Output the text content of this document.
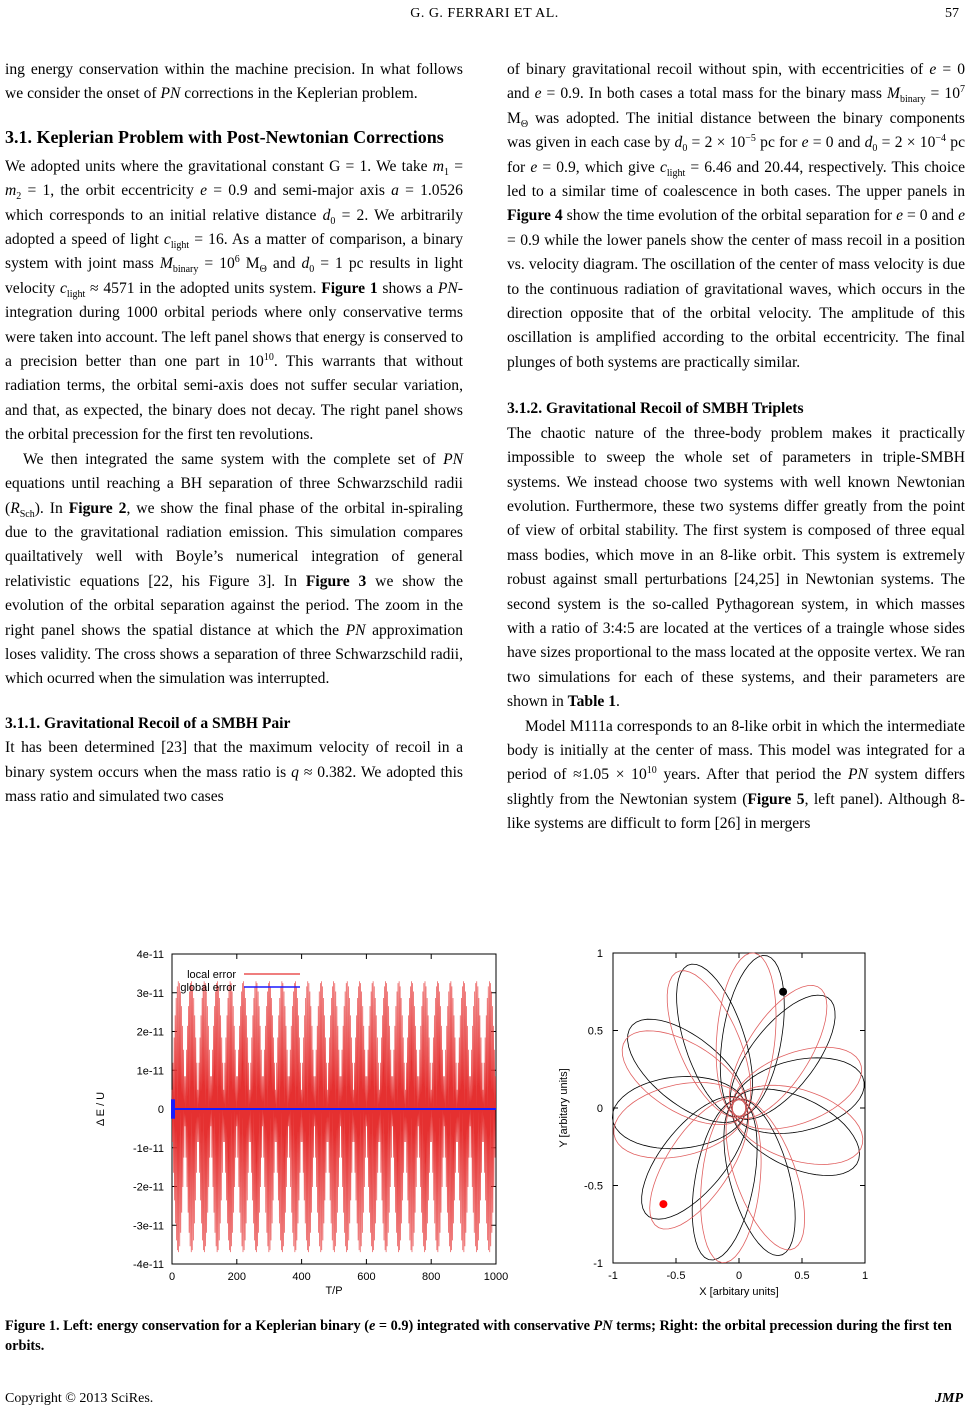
G. G. FERRARI ET AL.	57

ing energy conservation within the machine precision. In what follows we consider the onset of PN corrections in the Keplerian problem.

3.1. Keplerian Problem with Post-Newtonian Corrections

We adopted units where the gravitational constant G = 1. We take $m_1 = m_2 = 1$, the orbit eccentricity e = 0.9 and semi-major axis a = 1.0526 which corresponds to an initial relative distance $d_0 = 2$. We arbitrarily adopted a speed of light $c_{light} = 16$. As a matter of comparison, a binary system with joint mass $M_{binary} = 10^6$ $M_\Theta$ and $d_0 = 1$ pc results in light velocity $c_{light} \approx 4571$ in the adopted units system. Figure 1 shows a PN-integration during 1000 orbital periods where only conservative terms were taken into account. The left panel shows that energy is conserved to a precision better than one part in $10^{10}$. This warrants that without radiation terms, the orbital semi-axis does not suffer secular variation, and that, as expected, the binary does not decay. The right panel shows the orbital precession for the first ten revolutions.

We then integrated the same system with the complete set of PN equations until reaching a BH separation of three Schwarzschild radii $(R_{Sch})$. In Figure 2, we show the final phase of the orbital in-spiraling due to the gravitational radiation emission. This simulation compares quailtatively well with Boyle’s numerical integration of general relativistic equations [22, his Figure 3]. In Figure 3 we show the evolution of the orbital separation against the period. The zoom in the right panel shows the spatial distance at which the PN approximation loses validity. The cross shows a separation of three Schwarzschild radii, which ocurred when the simulation was interrupted.

3.1.1. Gravitational Recoil of a SMBH Pair

It has been determined [23] that the maximum velocity of recoil in a binary system occurs when the mass ratio is q ≈ 0.382. We adopted this mass ratio and simulated two cases

of binary gravitational recoil without spin, with eccentricities of e = 0 and e = 0.9. In both cases a total mass for the binary mass $M_{binary} = 10^7$ $M_\Theta$ was adopted. The initial distance between the binary components was given in each case by $d_0 = 2 \times 10^{-5}$ pc for e = 0 and $d_0 = 2 \times 10^{-4}$ pc for e = 0.9, which give $c_{light} = 6.46$ and 20.44, respectively. This choice led to a similar time of coalescence in both cases. The upper panels in Figure 4 show the time evolution of the orbital separation for e = 0 and e = 0.9 while the lower panels show the center of mass recoil in a position vs. velocity diagram. The oscillation of the center of mass velocity is due to the continuous radiation of gravitational waves, which occurs in the direction opposite that of the orbital velocity. The amplitude of this oscillation is amplified according to the orbital eccentricity. The final plunges of both systems are practically similar.

3.1.2. Gravitational Recoil of SMBH Triplets

The chaotic nature of the three-body problem makes it practically impossible to sweep the whole set of parameters in triple-SMBH systems. We instead choose two systems with well known Newtonian evolution. Furthermore, these two systems differ greatly from the point of view of orbital stability. The first system is composed of three equal mass bodies, which move in an 8-like orbit. This system is extremely robust against small perturbations [24,25] in Newtonian systems. The second system is the so-called Pythagorean system, in which masses with a ratio of 3:4:5 are located at the vertices of a traingle whose sides have sizes proportional to the mass located at the opposite vertex. We ran two simulations for each of these systems, and their parameters are shown in Table 1.

Model M111a corresponds to an 8-like orbit in which the intermediate body is initially at the center of mass. This model was integrated for a period of $\approx 1.05 \times 10^{10}$ years. After that period the PN system differs slightly from the Newtonian system (Figure 5, left panel). Although 8-like systems are difficult to form [26] in mergers

4e-11
3e-11
2e-11
1e-11
0
-1e-11
-2e-11
-3e-11
-4e-11
0	200	400	600	800	1000
local error
global error
Δ E / U
T/P
1
0.5
0
-0.5
-1
-1	-0.5	0	0.5	1
Y [arbitary units]
X [arbitary units]
Figure 1. Left: energy conservation for a Keplerian binary (e = 0.9) integrated with conservative PN terms; Right: the orbital precession during the first ten orbits.
Copyright © 2013 SciRes.	JMP
